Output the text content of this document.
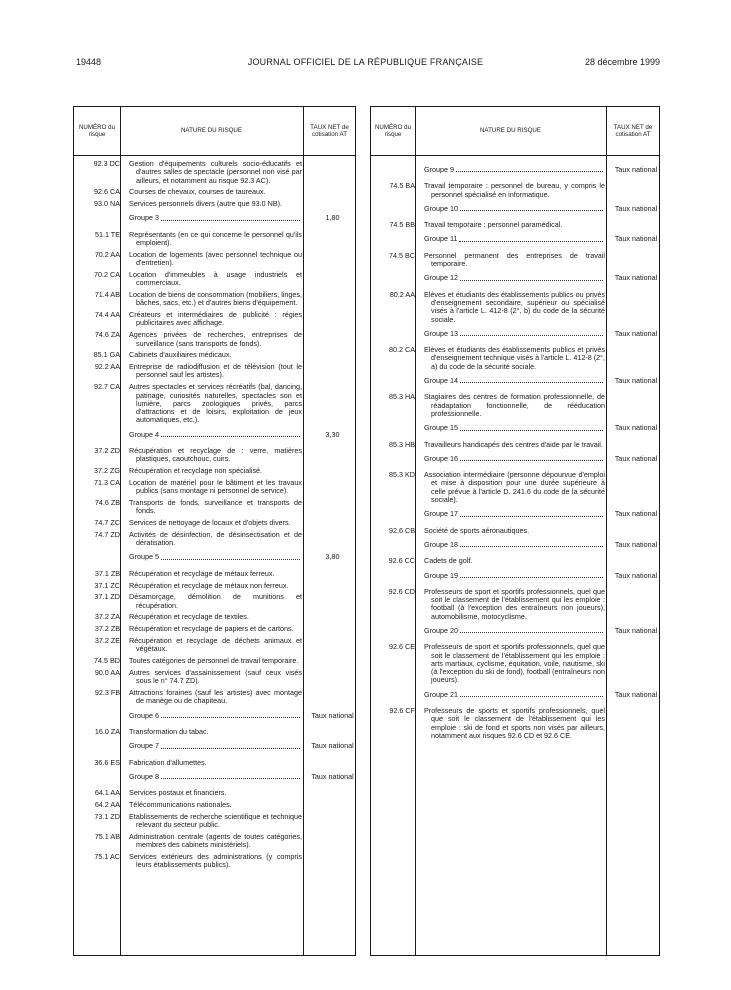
JOURNAL OFFICIEL DE LA RÉPUBLIQUE FRANÇAISE
19448	28 décembre 1999
NUMÉRO du risque
NATURE DU RISQUE
TAUX NET de cotisation AT
92.3 DC	Gestion d'équipements culturels socio-éducatifs et d'autres salles de spectacle (personnel non visé par ailleurs, et notamment au risque 92.3 AC).
92.6 CA	Courses de chevaux, courses de taureaux.
93.0 NA	Services personnels divers (autre que 93.0 NB).
Groupe 3	1,80
51.1 TE	Représentants (en ce qui concerne le personnel qu'ils emploient).
70.2 AA	Location de logements (avec personnel technique ou d'entretien).
70.2 CA	Location d'immeubles à usage industriels et commerciaux.
71.4 AB	Location de biens de consommation (mobiliers, linges, bâches, sacs, etc.) et d'autres biens d'équipement.
74.4 AA	Créateurs et intermédiaires de publicité : régies publicitaires avec affichage.
74.6 ZA	Agences privées de recherches, entreprises de surveillance (sans transports de fonds).
85.1 GA	Cabinets d'auxiliaires médicaux.
92.2 AA	Entreprise de radiodiffusion et de télévision (tout le personnel sauf les artistes).
92.7 CA	Autres spectacles et services récréatifs (bal, dancing, patinage, curiosités naturelles, spectacles son et lumière, parcs zoologiques privés, parcs d'attractions et de loisirs, exploitation de jeux automatiques, etc.).
Groupe 4	3,30
37.2 ZD	Récupération et recyclage de : verre, matières plastiques, caoutchouc, cuirs.
37.2 ZG	Récupération et recyclage non spécialisé.
71.3 CA	Location de matériel pour le bâtiment et les travaux publics (sans montage ni personnel de service).
74.6 ZB	Transports de fonds, surveillance et transports de fonds.
74.7 ZC	Services de nettoyage de locaux et d'objets divers.
74.7 ZD	Activités de désinfection, de désinsectisation et de dératisation.
Groupe 5	3,80
37.1 ZB	Récupération et recyclage de métaux ferreux.
37.1 ZC	Récupération et recyclage de métaux non ferreux.
37.1 ZD	Désamorçage, démolition de munitions et récupération.
37.2 ZA	Récupération et recyclage de textiles.
37.2 ZB	Récupération et recyclage de papiers et de cartons.
37.2 ZE	Récupération et recyclage de déchets animaux et végétaux.
74.5 BD	Toutes catégories de personnel de travail temporaire.
90.0 AA	Autres services d'assainissement (sauf ceux visés sous le n° 74.7 ZD).
92.3 FB	Attractions foraines (sauf les artistes) avec montage de manège ou de chapiteau.
Groupe 6	Taux national
16.0 ZA	Transformation du tabac.
Groupe 7	Taux national
36.6 ES	Fabrication d'allumettes.
Groupe 8	Taux national
64.1 AA	Services postaux et financiers.
64.2 AA	Télécommunications nationales.
73.1 ZD	Etablissements de recherche scientifique et technique relevant du secteur public.
75.1 AB	Administration centrale (agents de toutes catégories, membres des cabinets ministériels).
75.1 AC	Services extérieurs des administrations (y compris leurs établissements publics).
NUMÉRO du risque
NATURE DU RISQUE
TAUX NET de cotisation AT
Groupe 9	Taux national
74.5 BA	Travail temporaire : personnel de bureau, y compris le personnel spécialisé en informatique.
Groupe 10	Taux national
74.5 BB	Travail temporaire : personnel paramédical.
Groupe 11	Taux national
74.5 BC	Personnel permanent des entreprises de travail temporaire.
Groupe 12	Taux national
80.2 AA	Elèves et étudiants des établissements publics ou privés d'enseignement secondaire, supérieur ou spécialisé visés à l'article L. 412-8 (2°, b) du code de la sécurité sociale.
Groupe 13	Taux national
80.2 CA	Elèves et étudiants des établissements publics et privés d'enseignement technique visés à l'article L. 412-8 (2°, a) du code de la sécurité sociale.
Groupe 14	Taux national
85.3 HA	Stagiaires des centres de formation professionnelle, de réadaptation fonctionnelle, de rééducation professionnelle.
Groupe 15	Taux national
85.3 HB	Travailleurs handicapés des centres d'aide par le travail.
Groupe 16	Taux national
85.3 KD	Association intermédiaire (personne dépourvue d'emploi et mise à disposition pour une durée supérieure à celle prévue à l'article D. 241.6 du code de la sécurité sociale).
Groupe 17	Taux national
92.6 CB	Société de sports aéronautiques.
Groupe 18	Taux national
92.6 CC	Cadets de golf.
Groupe 19	Taux national
92.6 CD	Professeurs de sport et sportifs professionnels, quel que soit le classement de l'établissement qui les emploie : football (à l'exception des entraîneurs non joueurs), automobilisme, motocyclisme.
Groupe 20	Taux national
92.6 CE	Professeurs de sport et sportifs professionnels, quel que soit le classement de l'établissement qui les emploie : arts martiaux, cyclisme, équitation, voile, nautisme, ski (à l'exception du ski de fond), football (entraîneurs non joueurs).
Groupe 21	Taux national
92.6 CF	Professeurs de sports et sportifs professionnels, quel que soit le classement de l'établissement qui les emploie : ski de fond et sports non visés par ailleurs, notamment aux risques 92.6 CD et 92.6 CE.
